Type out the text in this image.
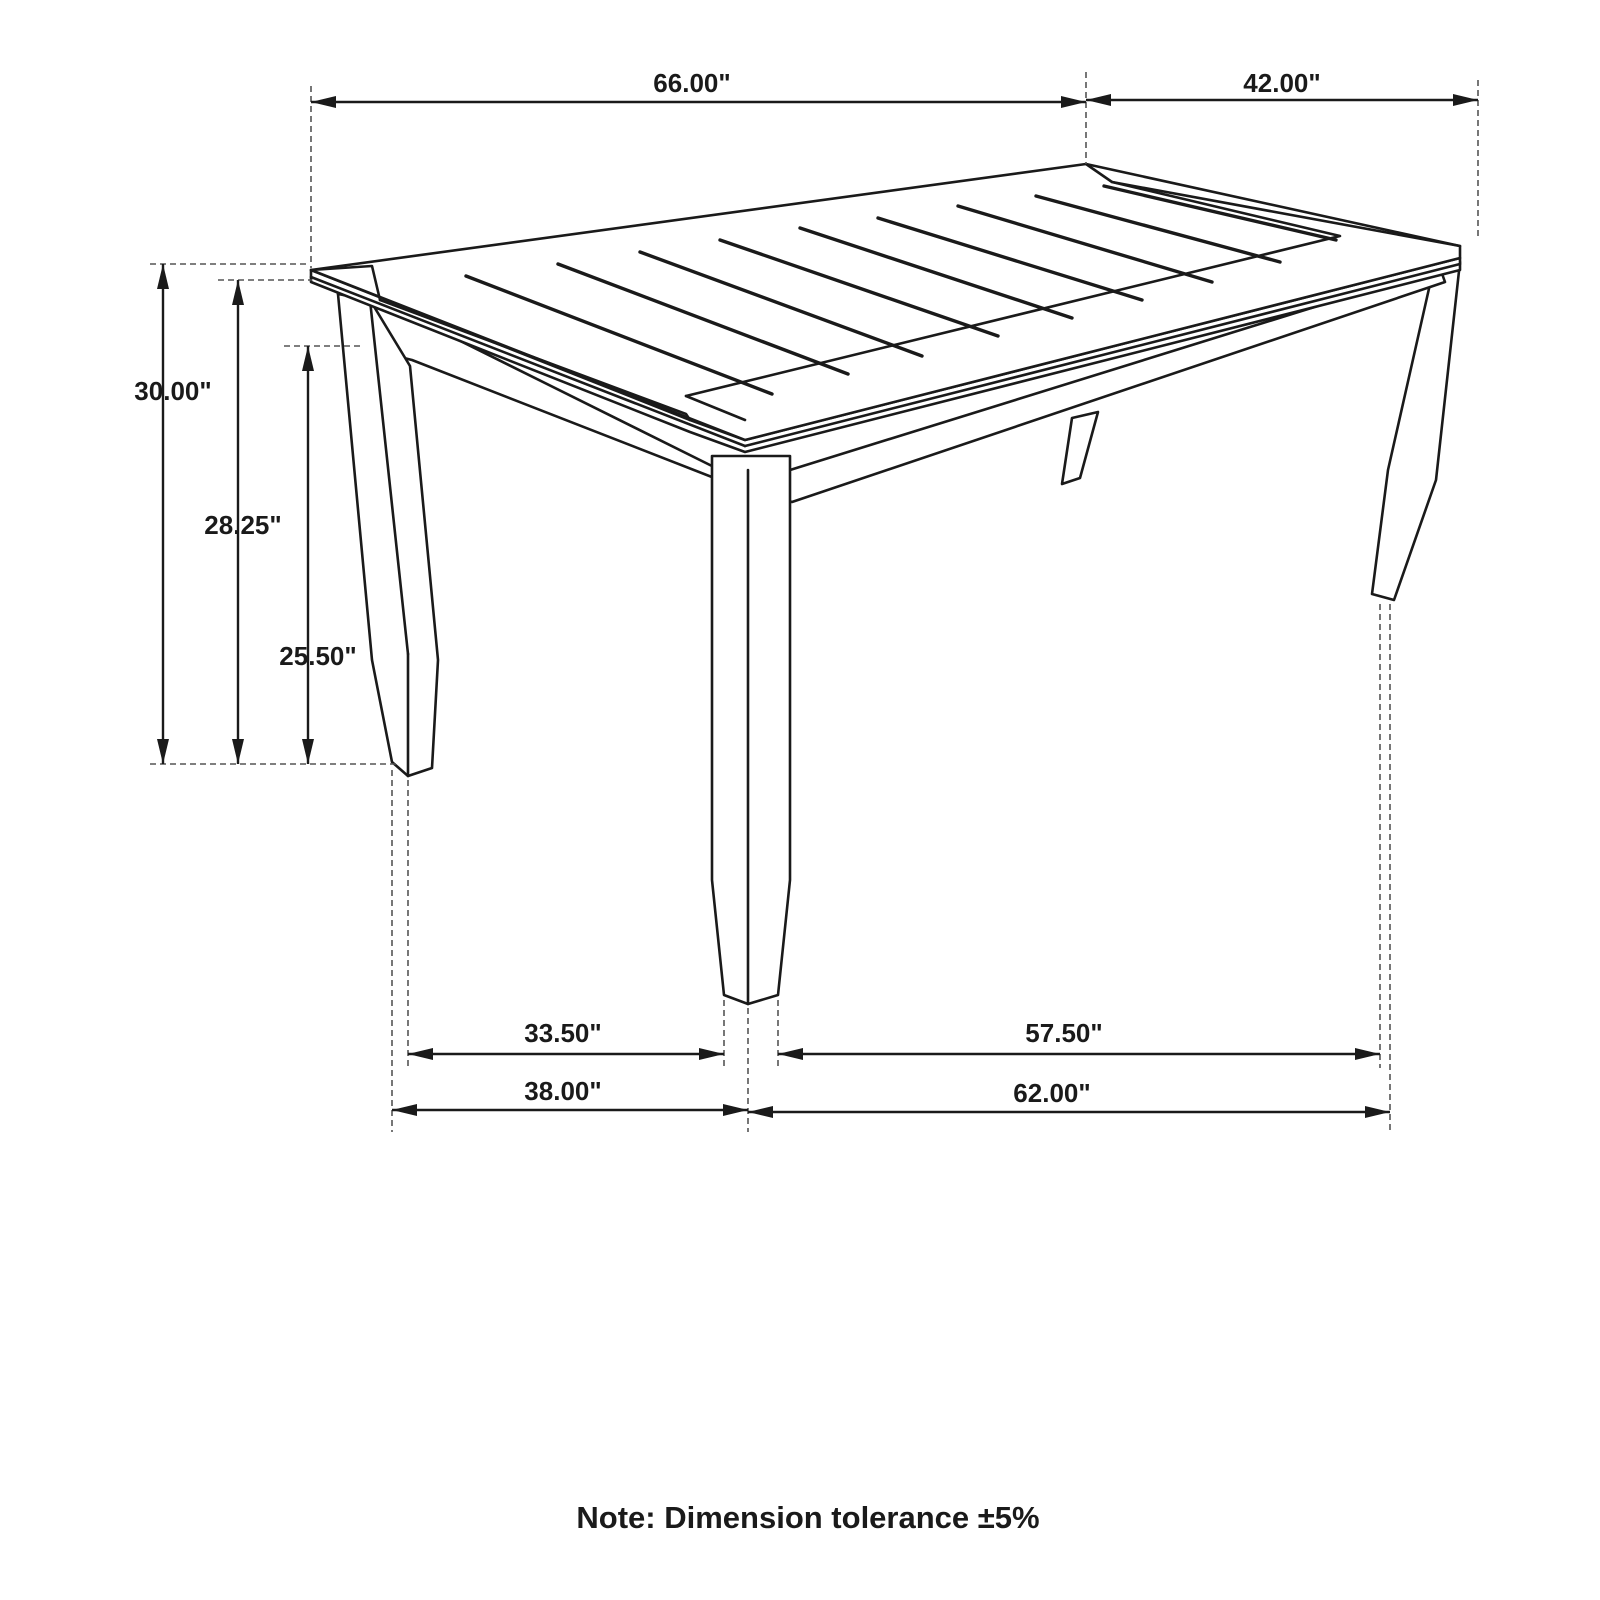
66.00"	42.00"
30.00"
28.25"
25.50"
33.50"
38.00"
57.50"
62.00"
Note: Dimension tolerance ±5%
